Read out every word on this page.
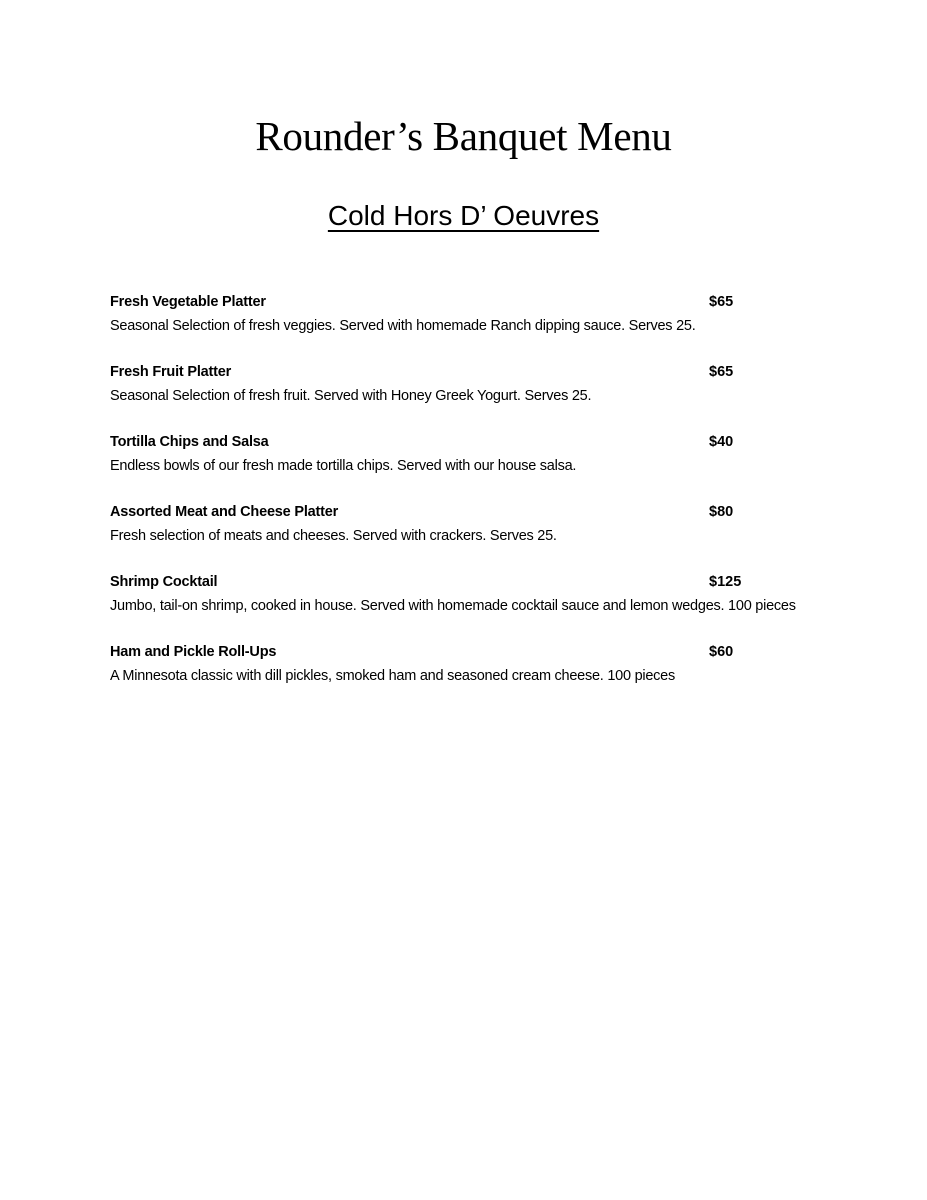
Rounder’s Banquet Menu
Cold Hors D’ Oeuvres
Fresh Vegetable Platter	$65
Seasonal Selection of fresh veggies. Served with homemade Ranch dipping sauce. Serves 25.
Fresh Fruit Platter	$65
Seasonal Selection of fresh fruit. Served with Honey Greek Yogurt. Serves 25.
Tortilla Chips and Salsa	$40
Endless bowls of our fresh made tortilla chips. Served with our house salsa.
Assorted Meat and Cheese Platter	$80
Fresh selection of meats and cheeses. Served with crackers. Serves 25.
Shrimp Cocktail	$125
Jumbo, tail-on shrimp, cooked in house. Served with homemade cocktail sauce and lemon wedges. 100 pieces
Ham and Pickle Roll-Ups	$60
A Minnesota classic with dill pickles, smoked ham and seasoned cream cheese. 100 pieces
